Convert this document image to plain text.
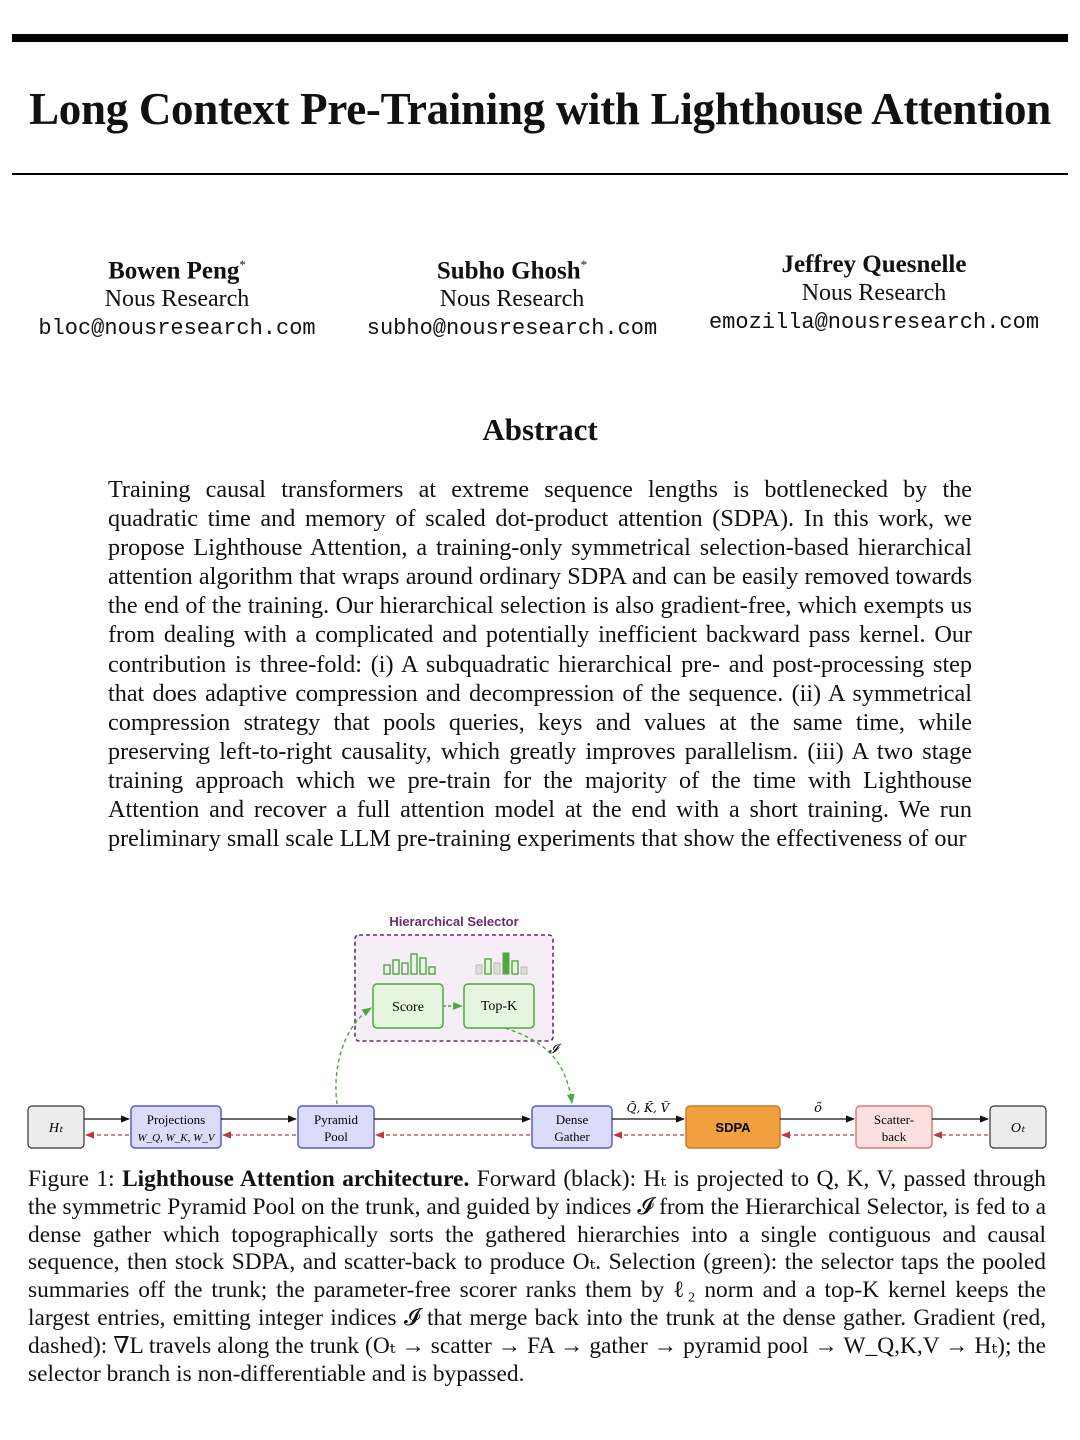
Long Context Pre-Training with Lighthouse Attention
Bowen Peng*
Nous Research
bloc@nousresearch.com
Subho Ghosh*
Nous Research
subho@nousresearch.com
Jeffrey Quesnelle
Nous Research
emozilla@nousresearch.com
Abstract

Training causal transformers at extreme sequence lengths is bottlenecked by the quadratic time and memory of scaled dot-product attention (SDPA). In this work, we propose Lighthouse Attention, a training-only symmetrical selection-based hierarchical attention algorithm that wraps around ordinary SDPA and can be easily removed towards the end of the training. Our hierarchical selection is also gradient-free, which exempts us from dealing with a complicated and potentially inefficient backward pass kernel. Our contribution is three-fold: (i) A subquadratic hierarchical pre- and post-processing step that does adaptive compression and decompression of the sequence. (ii) A symmetrical compression strategy that pools queries, keys and values at the same time, while preserving left-to-right causality, which greatly improves parallelism. (iii) A two stage training approach which we pre-train for the majority of the time with Lighthouse Attention and recover a full attention model at the end with a short training. We run preliminary small scale LLM pre-training experiments that show the effectiveness of our

Hierarchical Selector
Score	Top-K
𝓘
Hₜ
Projections
W_Q, W_K, W_V
Pyramid
Pool
Dense
Gather
SDPA
Scatter-
back
Oₜ
Q̃, K̃, Ṽ	õ

Figure 1: Lighthouse Attention architecture. Forward (black): Hₜ is projected to Q, K, V, passed through the symmetric Pyramid Pool on the trunk, and guided by indices 𝓘 from the Hierarchical Selector, is fed to a dense gather which topographically sorts the gathered hierarchies into a single contiguous and causal sequence, then stock SDPA, and scatter-back to produce Oₜ. Selection (green): the selector taps the pooled summaries off the trunk; the parameter-free scorer ranks them by ℓ₂ norm and a top-K kernel keeps the largest entries, emitting integer indices 𝓘 that merge back into the trunk at the dense gather. Gradient (red, dashed): ∇L travels along the trunk (Oₜ → scatter → FA → gather → pyramid pool → W_Q,K,V → Hₜ); the selector branch is non-differentiable and is bypassed.
